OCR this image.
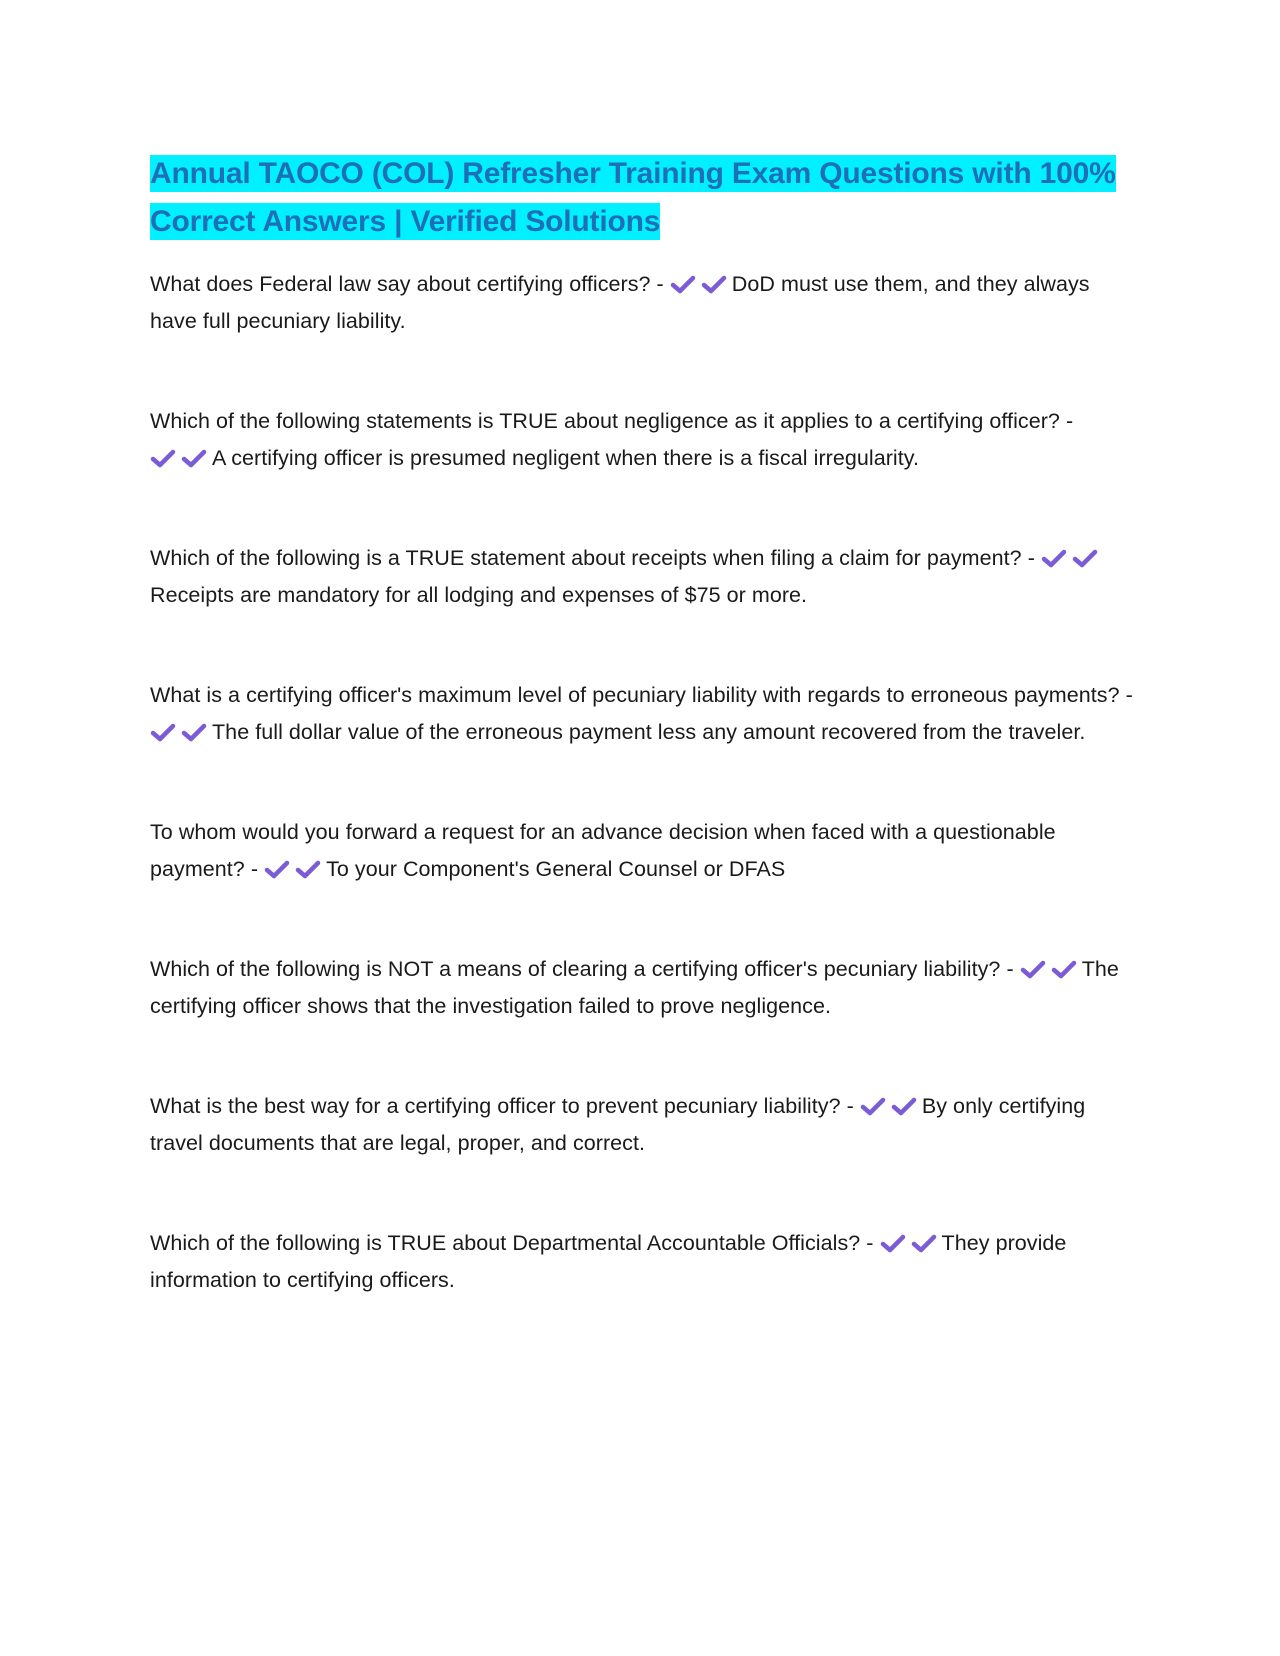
Annual TAOCO (COL) Refresher Training Exam Questions with 100% Correct Answers | Verified Solutions

What does Federal law say about certifying officers? -	DoD must use them, and they always have full pecuniary liability.

Which of the following statements is TRUE about negligence as it applies to a certifying officer? -
A certifying officer is presumed negligent when there is a fiscal irregularity.

Which of the following is a TRUE statement about receipts when filing a claim for payment? -
Receipts are mandatory for all lodging and expenses of $75 or more.

What is a certifying officer's maximum level of pecuniary liability with regards to erroneous payments? -
The full dollar value of the erroneous payment less any amount recovered from the traveler.

To whom would you forward a request for an advance decision when faced with a questionable payment? -	To your Component's General Counsel or DFAS

Which of the following is NOT a means of clearing a certifying officer's pecuniary liability? -	The certifying officer shows that the investigation failed to prove negligence.

What is the best way for a certifying officer to prevent pecuniary liability? -	By only certifying travel documents that are legal, proper, and correct.

Which of the following is TRUE about Departmental Accountable Officials? -	They provide information to certifying officers.
